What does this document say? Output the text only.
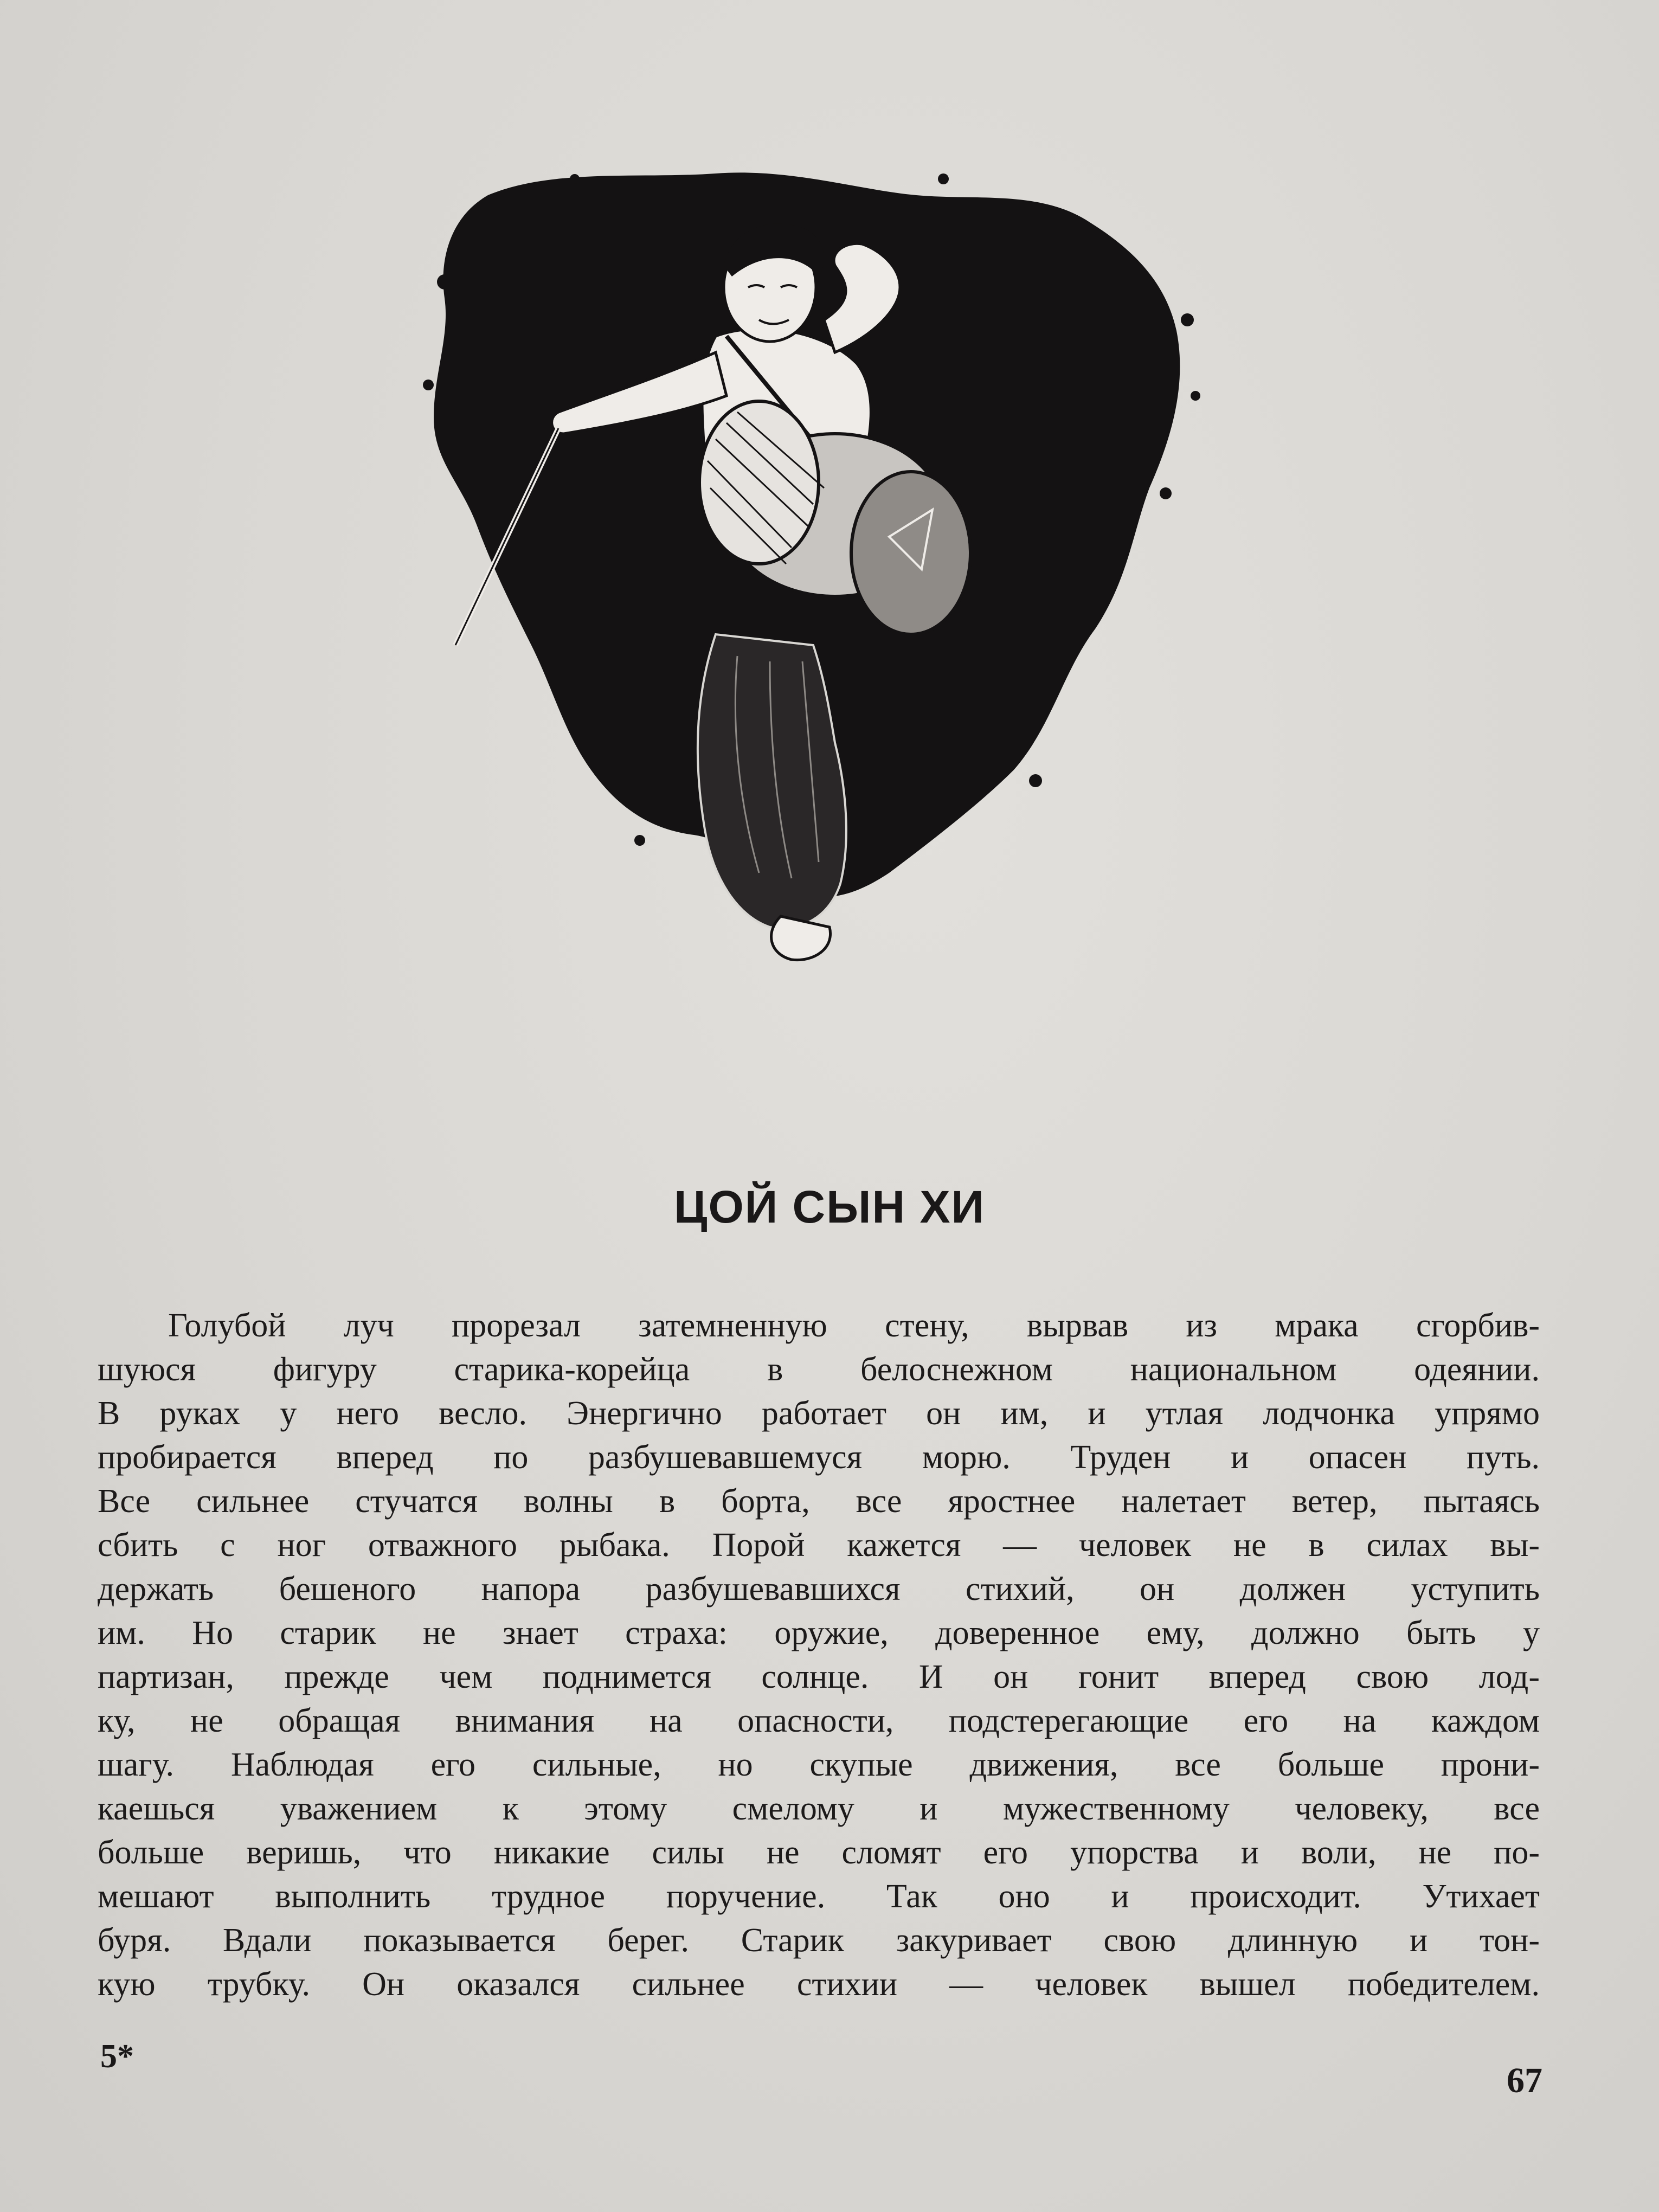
ЦОЙ СЫН ХИ
Голубой луч прорезал затемненную стену, вырвав из мрака сгорбив-
шуюся фигуру старика-корейца в белоснежном национальном одеянии.
В руках у него весло. Энергично работает он им, и утлая лодчонка упрямо
пробирается вперед по разбушевавшемуся морю. Труден и опасен путь.
Все сильнее стучатся волны в борта, все яростнее налетает ветер, пытаясь
сбить с ног отважного рыбака. Порой кажется — человек не в силах вы-
держать бешеного напора разбушевавшихся стихий, он должен уступить
им. Но старик не знает страха: оружие, доверенное ему, должно быть у
партизан, прежде чем поднимется солнце. И он гонит вперед свою лод-
ку, не обращая внимания на опасности, подстерегающие его на каждом
шагу. Наблюдая его сильные, но скупые движения, все больше прони-
каешься уважением к этому смелому и мужественному человеку, все
больше веришь, что никакие силы не сломят его упорства и воли, не по-
мешают выполнить трудное поручение. Так оно и происходит. Утихает
буря. Вдали показывается берег. Старик закуривает свою длинную и тон-
кую трубку. Он оказался сильнее стихии — человек вышел победителем.
5*
67
